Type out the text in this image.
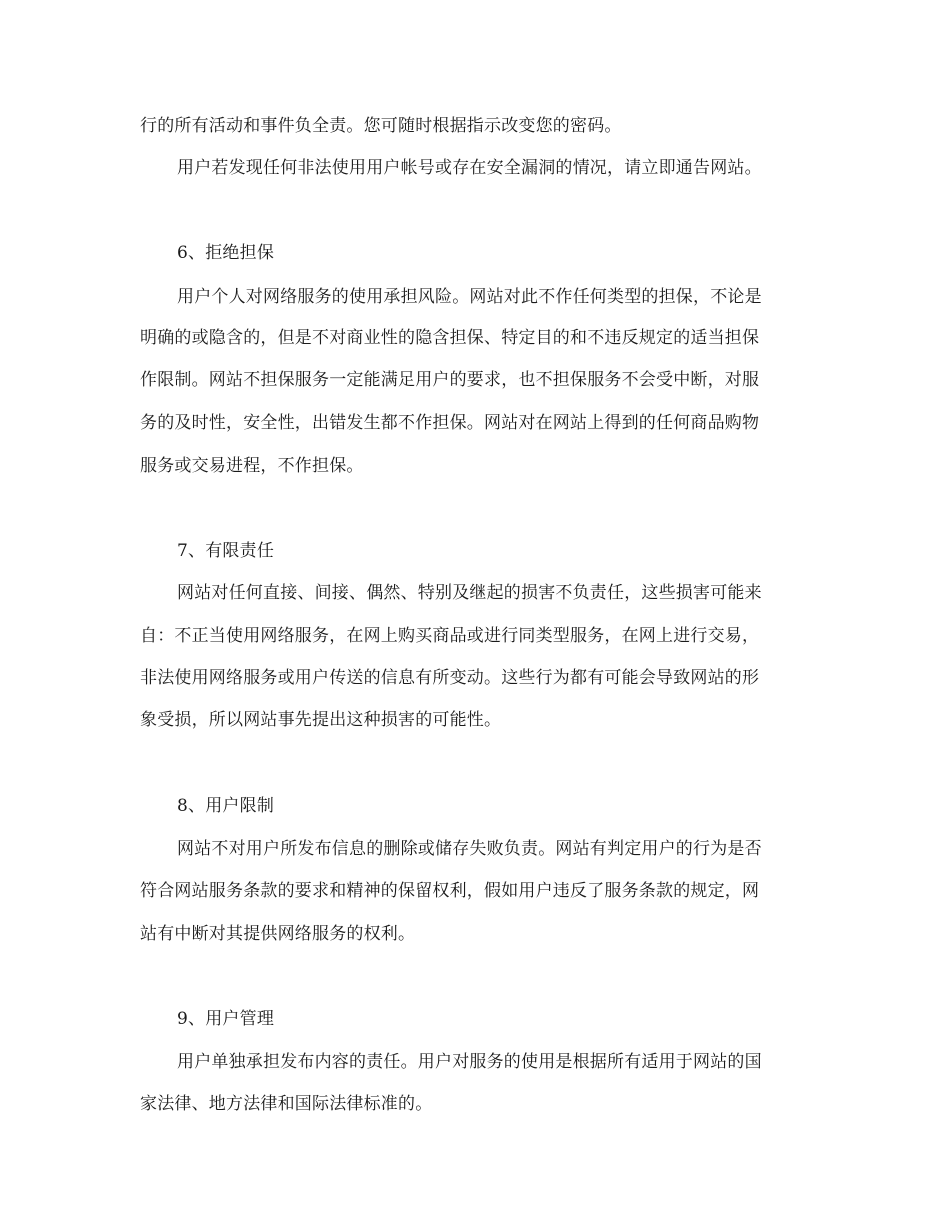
行的所有活动和事件负全责。您可随时根据指示改变您的密码。
用户若发现任何非法使用用户帐号或存在安全漏洞的情况，请立即通告网站。
6、拒绝担保
用户个人对网络服务的使用承担风险。网站对此不作任何类型的担保，不论是
明确的或隐含的，但是不对商业性的隐含担保、特定目的和不违反规定的适当担保
作限制。网站不担保服务一定能满足用户的要求，也不担保服务不会受中断，对服
务的及时性，安全性，出错发生都不作担保。网站对在网站上得到的任何商品购物
服务或交易进程，不作担保。
7、有限责任
网站对任何直接、间接、偶然、特别及继起的损害不负责任，这些损害可能来
自：不正当使用网络服务，在网上购买商品或进行同类型服务，在网上进行交易，
非法使用网络服务或用户传送的信息有所变动。这些行为都有可能会导致网站的形
象受损，所以网站事先提出这种损害的可能性。
8、用户限制
网站不对用户所发布信息的删除或储存失败负责。网站有判定用户的行为是否
符合网站服务条款的要求和精神的保留权利，假如用户违反了服务条款的规定，网
站有中断对其提供网络服务的权利。
9、用户管理
用户单独承担发布内容的责任。用户对服务的使用是根据所有适用于网站的国
家法律、地方法律和国际法律标准的。
